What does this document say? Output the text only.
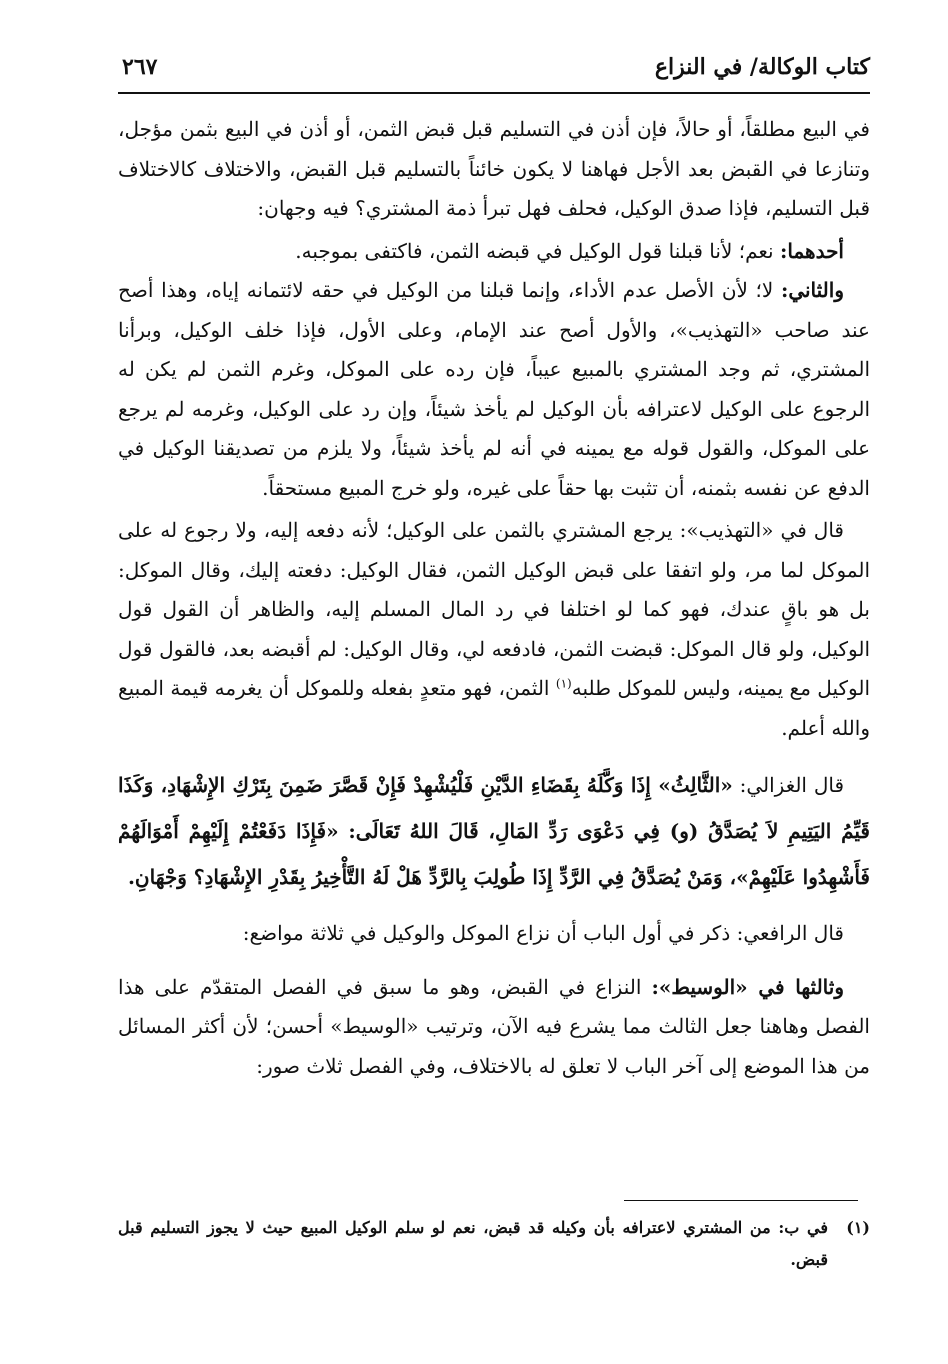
كتاب الوكالة/ في النزاع
٢٦٧

في البيع مطلقاً، أو حالاً، فإن أذن في التسليم قبل قبض الثمن، أو أذن في البيع بثمن مؤجل، وتنازعا في القبض بعد الأجل فهاهنا لا يكون خائناً بالتسليم قبل القبض، والاختلاف كالاختلاف قبل التسليم، فإذا صدق الوكيل، فحلف فهل تبرأ ذمة المشتري؟ فيه وجهان:

أحدهما: نعم؛ لأنا قبلنا قول الوكيل في قبضه الثمن، فاكتفى بموجبه.

والثاني: لا؛ لأن الأصل عدم الأداء، وإنما قبلنا من الوكيل في حقه لائتمانه إياه، وهذا أصح عند صاحب «التهذيب»، والأول أصح عند الإمام، وعلى الأول، فإذا خلف الوكيل، وبرأنا المشتري، ثم وجد المشتري بالمبيع عيباً، فإن رده على الموكل، وغرم الثمن لم يكن له الرجوع على الوكيل لاعترافه بأن الوكيل لم يأخذ شيئاً، وإن رد على الوكيل، وغرمه لم يرجع على الموكل، والقول قوله مع يمينه في أنه لم يأخذ شيئاً، ولا يلزم من تصديقنا الوكيل في الدفع عن نفسه بثمنه، أن تثبت بها حقاً على غيره، ولو خرج المبيع مستحقاً.

قال في «التهذيب»: يرجع المشتري بالثمن على الوكيل؛ لأنه دفعه إليه، ولا رجوع له على الموكل لما مر، ولو اتفقا على قبض الوكيل الثمن، فقال الوكيل: دفعته إليك، وقال الموكل: بل هو باقٍ عندك، فهو كما لو اختلفا في رد المال المسلم إليه، والظاهر أن القول قول الوكيل، ولو قال الموكل: قبضت الثمن، فادفعه لي، وقال الوكيل: لم أقبضه بعد، فالقول قول الوكيل مع يمينه، وليس للموكل طلبه$^{(١)}$ الثمن، فهو متعدٍ بفعله وللموكل أن يغرمه قيمة المبيع والله أعلم.

قال الغزالي: «الثَّالِثُ» إِذَا وَكَّلَهُ بِقَضَاءِ الدَّيْنِ فَلْيُشْهِدْ فَإِنْ قَصَّرَ ضَمِنَ بِتَرْكِ الإِشْهَادِ، وَكَذَا قَيِّمُ اليَتِيمِ لاَ يُصَدَّقُ (و) فِي دَعْوَى رَدِّ المَالِ، قَالَ اللهُ تَعَالَى: «فَإِذَا دَفَعْتُمْ إِلَيْهِمْ أَمْوَالَهُمْ فَأَشْهِدُوا عَلَيْهِمْ»، وَمَنْ يُصَدَّقُ فِي الرَّدِّ إِذَا طُولِبَ بِالرَّدِّ هَلْ لَهُ التَّأْخِيرُ بِقَدْرِ الإِشْهَادِ؟ وَجْهَانِ.

قال الرافعي: ذكر في أول الباب أن نزاع الموكل والوكيل في ثلاثة مواضع:

وثالثها في «الوسيط»: النزاع في القبض، وهو ما سبق في الفصل المتقدّم على هذا الفصل وهاهنا جعل الثالث مما يشرع فيه الآن، وترتيب «الوسيط» أحسن؛ لأن أكثر المسائل من هذا الموضع إلى آخر الباب لا تعلق له بالاختلاف، وفي الفصل ثلاث صور:

(١)
في ب: من المشتري لاعترافه بأن وكيله قد قبض، نعم لو سلم الوكيل المبيع حيث لا يجوز التسليم قبل قبض.
